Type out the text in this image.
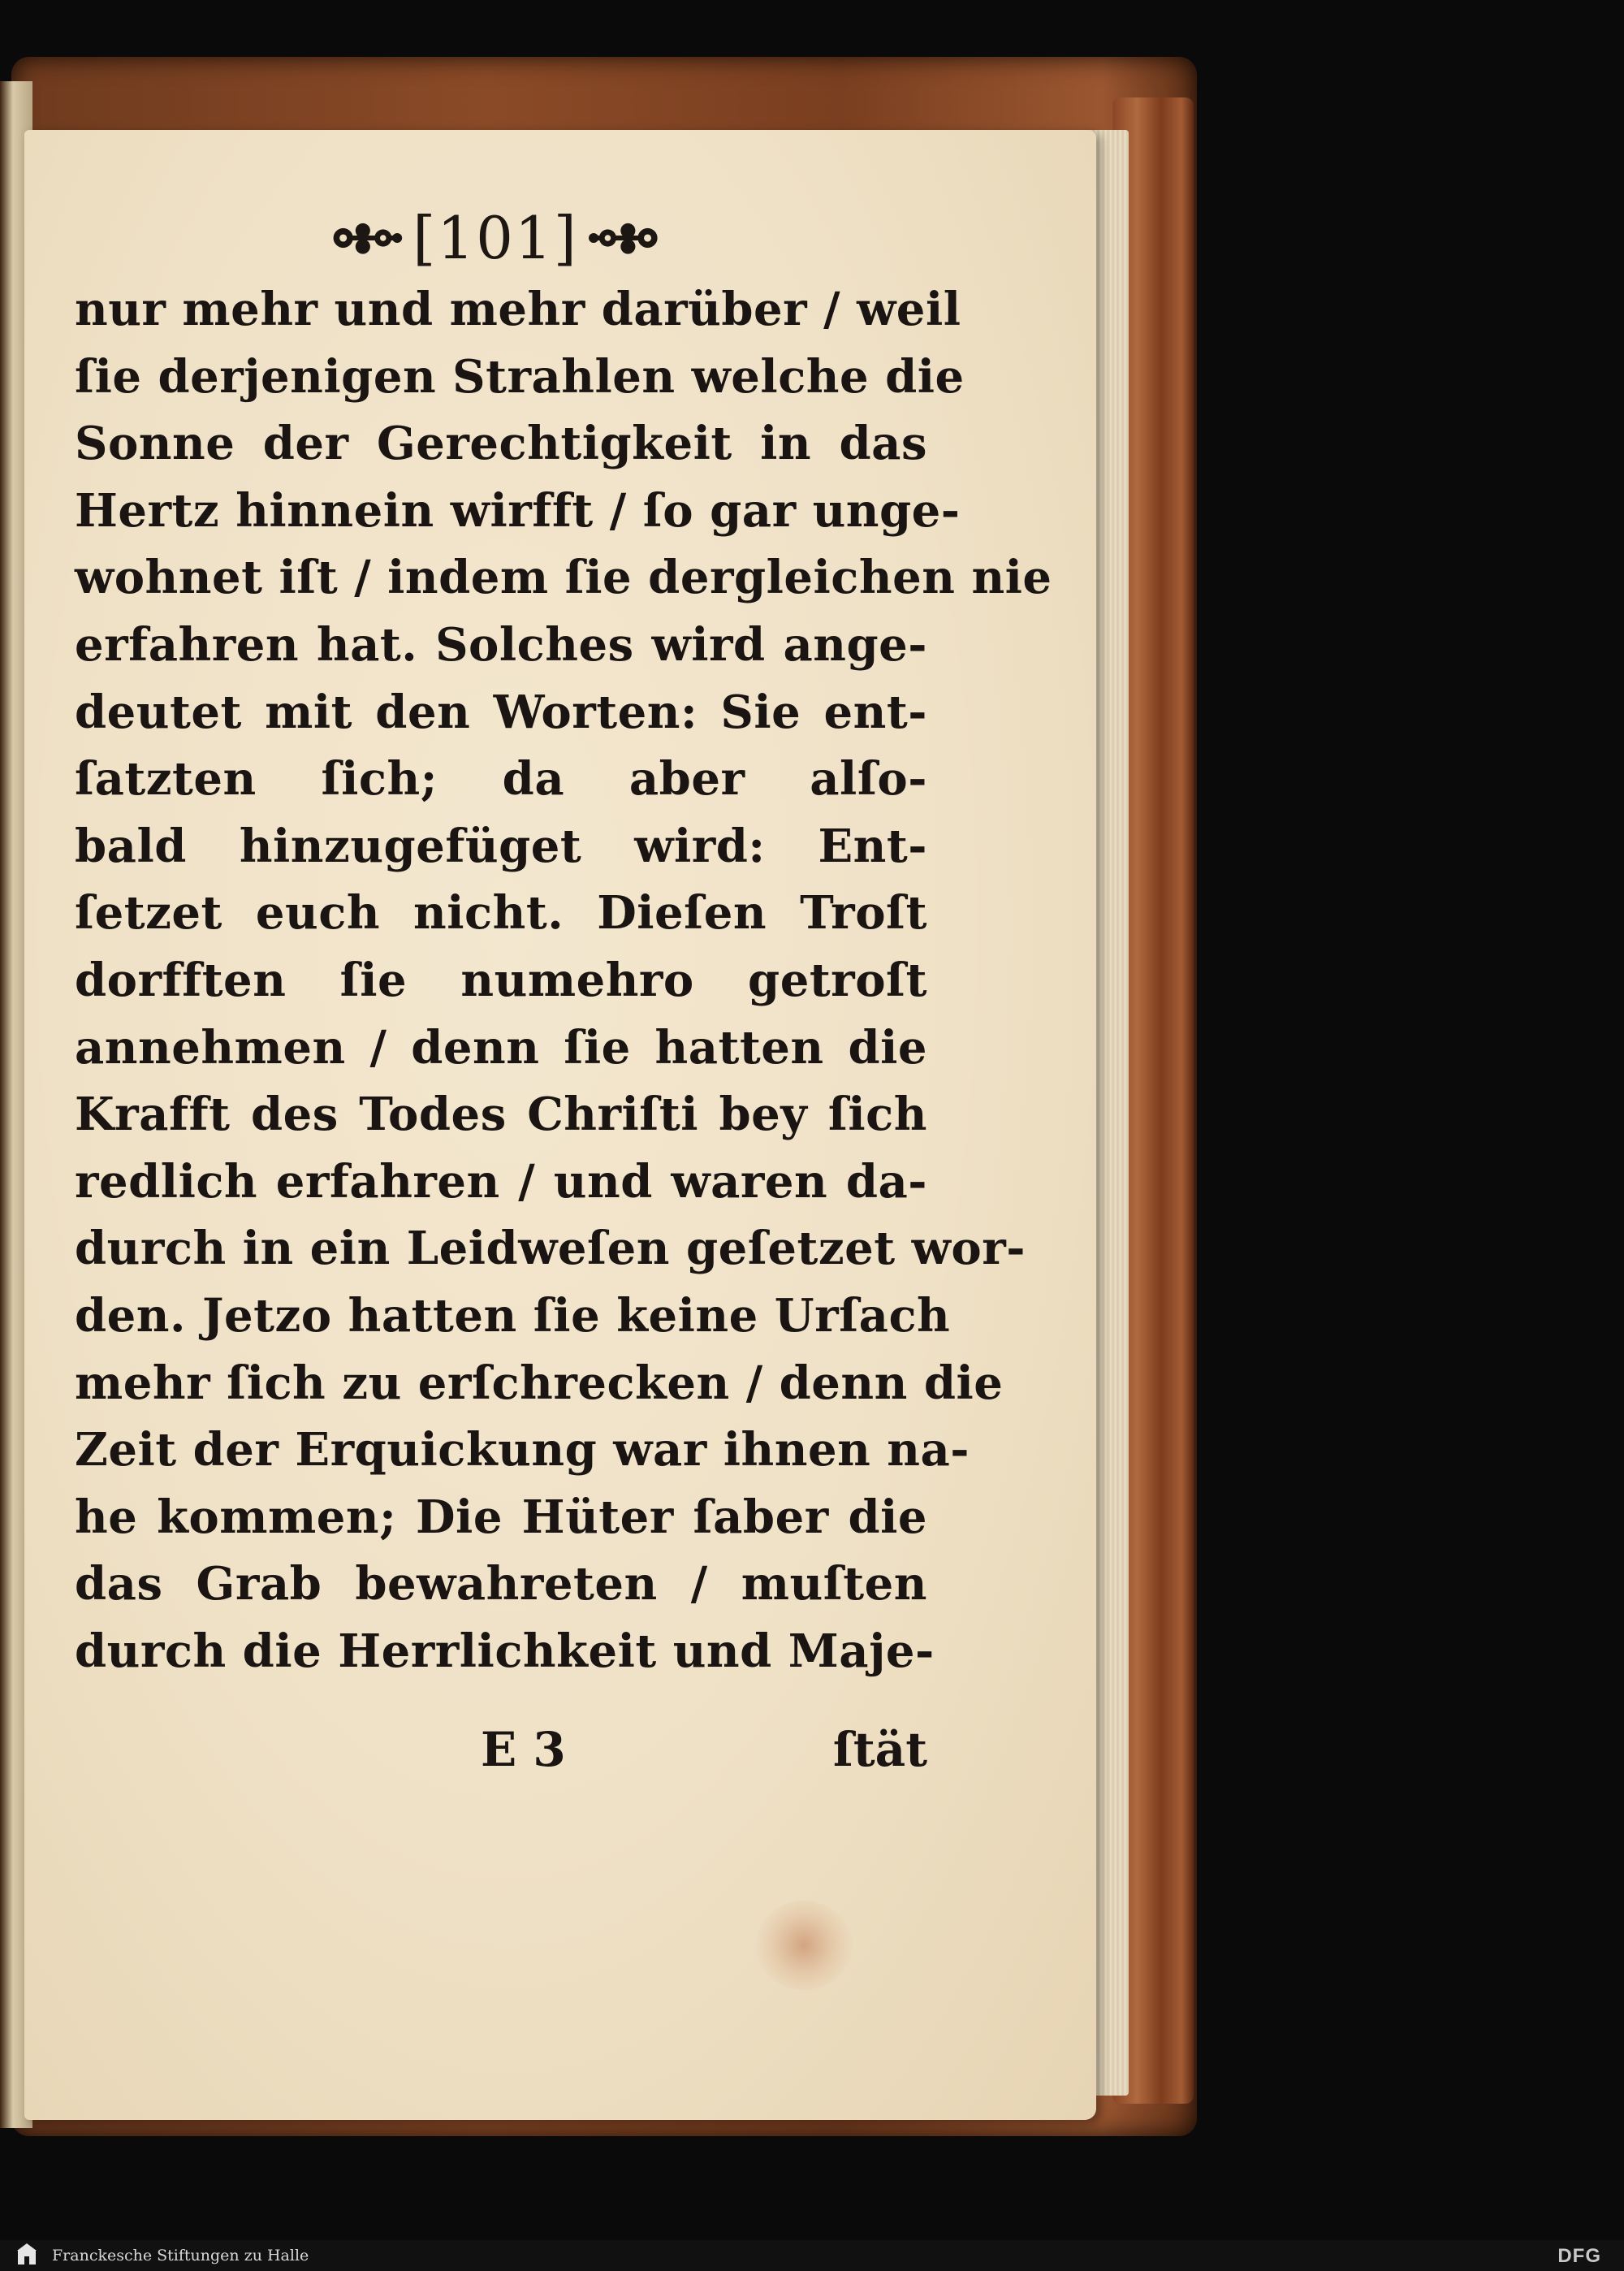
[101]
nur mehr und mehr darüber / weil
ſie derjenigen Strahlen welche die
Sonne der Gerechtigkeit in das
Hertz hinnein wirfft / ſo gar unge-
wohnet iſt / indem ſie dergleichen nie
erfahren hat. Solches wird ange-
deutet mit den Worten: Sie ent-
ſatzten ſich; da aber alſo-
bald hinzugefüget wird: Ent-
ſetzet euch nicht. Dieſen Troſt
dorfften ſie numehro getroſt
annehmen / denn ſie hatten die
Krafft des Todes Chriſti bey ſich
redlich erfahren / und waren da-
durch in ein Leidweſen geſetzet wor-
den. Jetzo hatten ſie keine Urſach
mehr ſich zu erſchrecken / denn die
Zeit der Erquickung war ihnen na-
he kommen; Die Hüter ſaber die
das Grab bewahreten / muſten
durch die Herrlichkeit und Maje-
E 3	ſtät
Franckesche Stiftungen zu Halle	DFG
